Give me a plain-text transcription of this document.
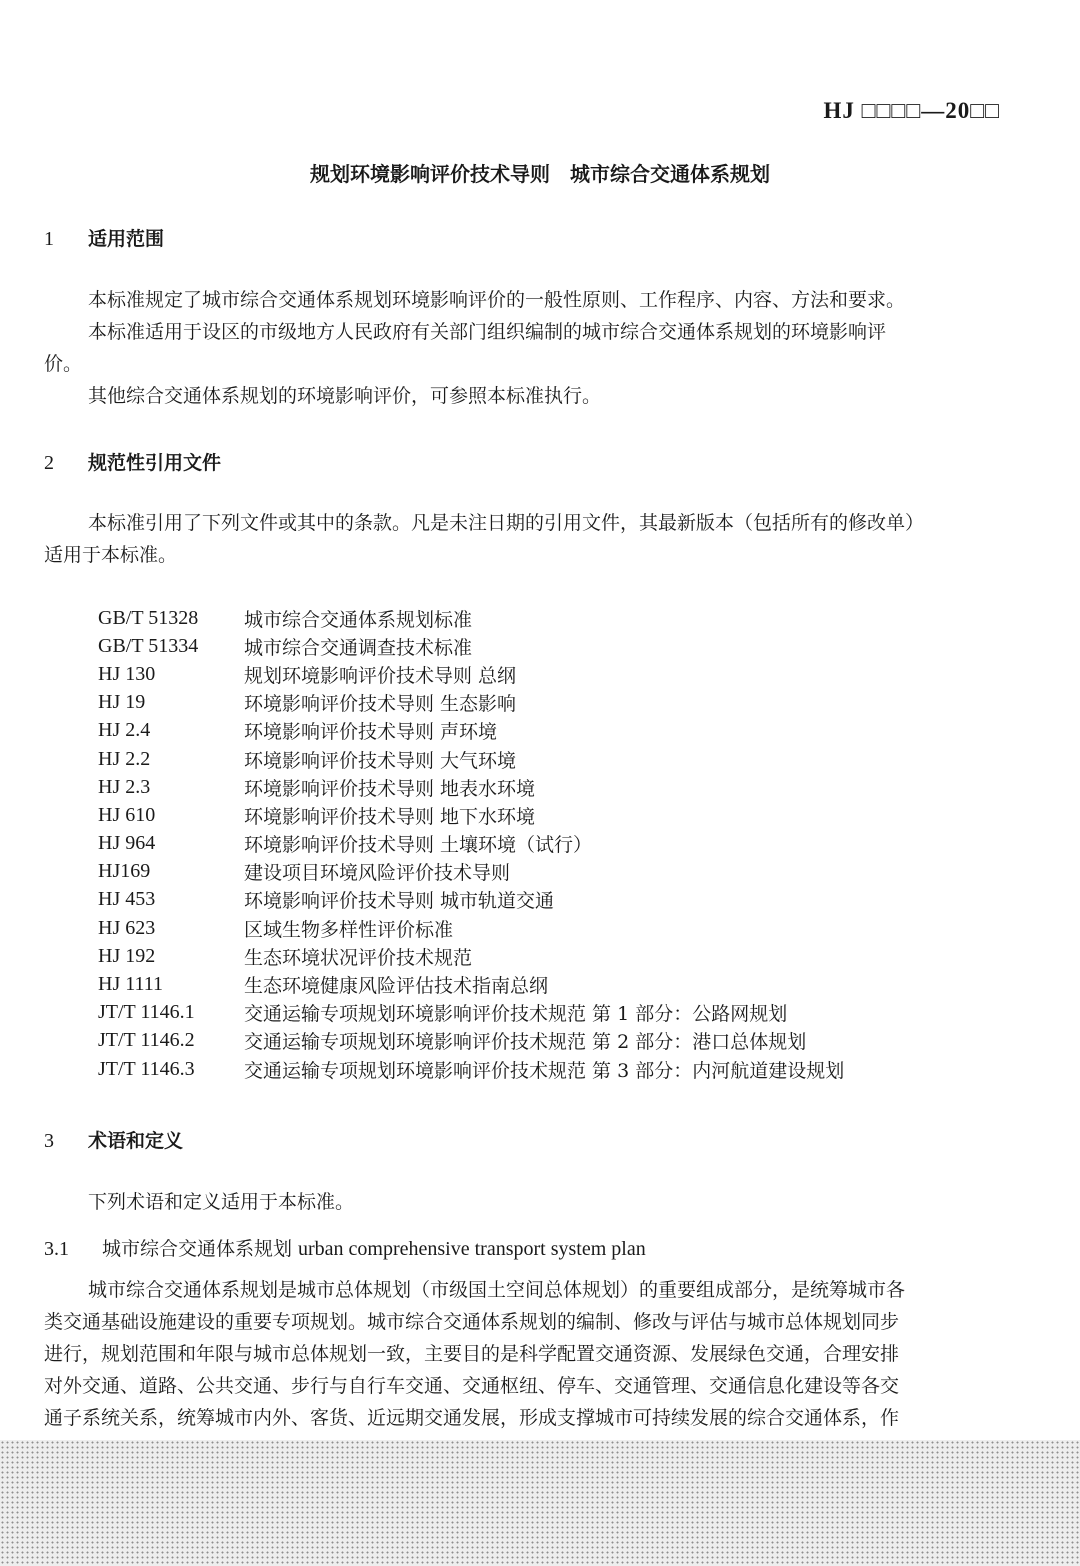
HJ □□□□—20□□
规划环境影响评价技术导则　城市综合交通体系规划
1 适用范围
本标准规定了城市综合交通体系规划环境影响评价的一般性原则、工作程序、内容、方法和要求。
本标准适用于设区的市级地方人民政府有关部门组织编制的城市综合交通体系规划的环境影响评
价。
其他综合交通体系规划的环境影响评价，可参照本标准执行。
2 规范性引用文件
本标准引用了下列文件或其中的条款。凡是未注日期的引用文件，其最新版本（包括所有的修改单）
适用于本标准。
GB/T 51328	城市综合交通体系规划标准
GB/T 51334	城市综合交通调查技术标准
HJ 130	规划环境影响评价技术导则 总纲
HJ 19	环境影响评价技术导则 生态影响
HJ 2.4	环境影响评价技术导则 声环境
HJ 2.2	环境影响评价技术导则 大气环境
HJ 2.3	环境影响评价技术导则 地表水环境
HJ 610	环境影响评价技术导则 地下水环境
HJ 964	环境影响评价技术导则 土壤环境（试行）
HJ169	建设项目环境风险评价技术导则
HJ 453	环境影响评价技术导则 城市轨道交通
HJ 623	区域生物多样性评价标准
HJ 192	生态环境状况评价技术规范
HJ 1111	生态环境健康风险评估技术指南总纲
JT/T 1146.1	交通运输专项规划环境影响评价技术规范 第 1 部分：公路网规划
JT/T 1146.2	交通运输专项规划环境影响评价技术规范 第 2 部分：港口总体规划
JT/T 1146.3	交通运输专项规划环境影响评价技术规范 第 3 部分：内河航道建设规划
3 术语和定义
下列术语和定义适用于本标准。
3.1 城市综合交通体系规划 urban comprehensive transport system plan
城市综合交通体系规划是城市总体规划（市级国土空间总体规划）的重要组成部分，是统筹城市各
类交通基础设施建设的重要专项规划。城市综合交通体系规划的编制、修改与评估与城市总体规划同步
进行，规划范围和年限与城市总体规划一致，主要目的是科学配置交通资源、发展绿色交通，合理安排
对外交通、道路、公共交通、步行与自行车交通、交通枢纽、停车、交通管理、交通信息化建设等各交
通子系统关系，统筹城市内外、客货、近远期交通发展，形成支撑城市可持续发展的综合交通体系，作
